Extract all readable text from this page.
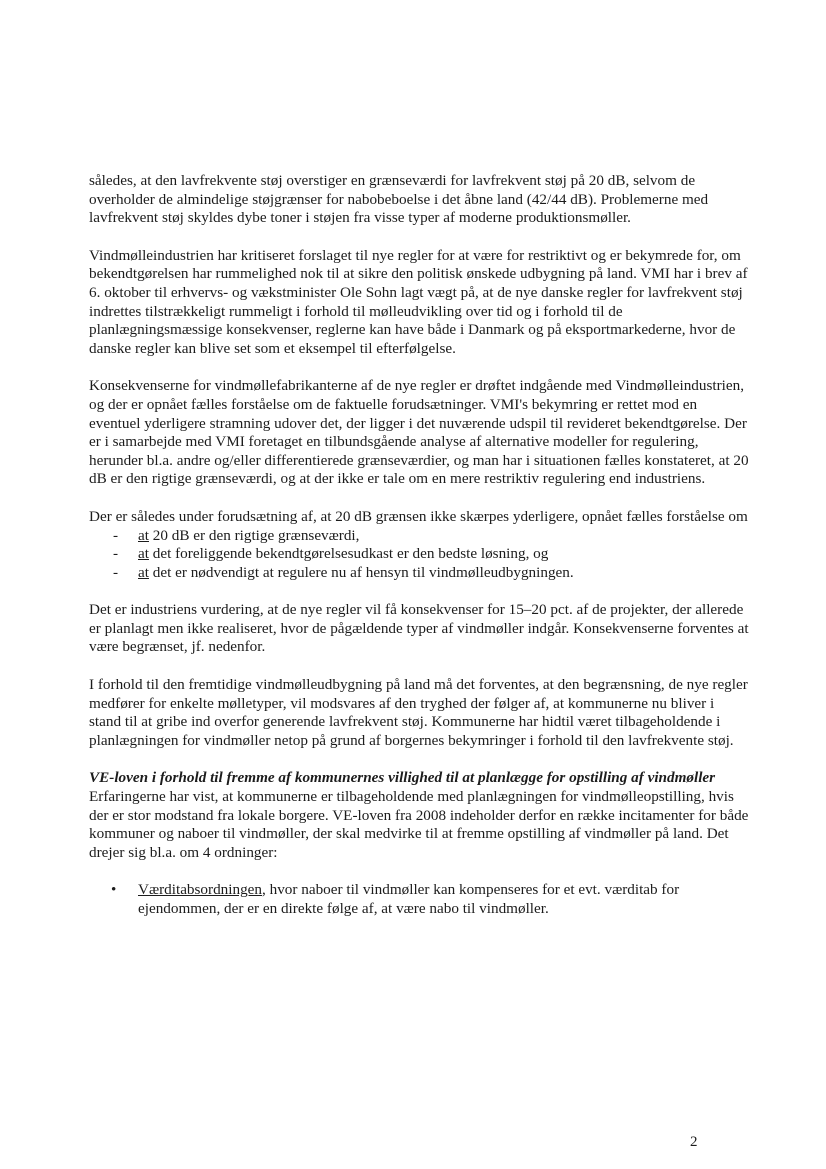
således, at den lavfrekvente støj overstiger en grænseværdi for lavfrekvent støj på 20 dB, selvom de overholder de almindelige støjgrænser for nabobeboelse i det åbne land (42/44 dB). Problemerne med lavfrekvent støj skyldes dybe toner i støjen fra visse typer af moderne produktionsmøller.

Vindmølleindustrien har kritiseret forslaget til nye regler for at være for restriktivt og er bekymrede for, om bekendtgørelsen har rummelighed nok til at sikre den politisk ønskede udbygning på land. VMI har i brev af 6. oktober til erhvervs- og vækstminister Ole Sohn lagt vægt på, at de nye danske regler for lavfrekvent støj indrettes tilstrækkeligt rummeligt i forhold til mølleudvikling over tid og i forhold til de planlægningsmæssige konsekvenser, reglerne kan have både i Danmark og på eksportmarkederne, hvor de danske regler kan blive set som et eksempel til efterfølgelse.

Konsekvenserne for vindmøllefabrikanterne af de nye regler er drøftet indgående med Vindmølleindustrien, og der er opnået fælles forståelse om de faktuelle forudsætninger. VMI's bekymring er rettet mod en eventuel yderligere stramning udover det, der ligger i det nuværende udspil til revideret bekendtgørelse. Der er i samarbejde med VMI foretaget en tilbundsgående analyse af alternative modeller for regulering, herunder bl.a. andre og/eller differentierede grænseværdier, og man har i situationen fælles konstateret, at 20 dB er den rigtige grænseværdi, og at der ikke er tale om en mere restriktiv regulering end industriens.

Der er således under forudsætning af, at 20 dB grænsen ikke skærpes yderligere, opnået fælles forståelse om

- at 20 dB er den rigtige grænseværdi,
- at det foreliggende bekendtgørelsesudkast er den bedste løsning, og
- at det er nødvendigt at regulere nu af hensyn til vindmølleudbygningen.

Det er industriens vurdering, at de nye regler vil få konsekvenser for 15–20 pct. af de projekter, der allerede er planlagt men ikke realiseret, hvor de pågældende typer af vindmøller indgår. Konsekvenserne forventes at være begrænset, jf. nedenfor.

I forhold til den fremtidige vindmølleudbygning på land må det forventes, at den begrænsning, de nye regler medfører for enkelte mølletyper, vil modsvares af den tryghed der følger af, at kommunerne nu bliver i stand til at gribe ind overfor generende lavfrekvent støj. Kommunerne har hidtil været tilbageholdende i planlægningen for vindmøller netop på grund af borgernes bekymringer i forhold til den lavfrekvente støj.

VE-loven i forhold til fremme af kommunernes villighed til at planlægge for opstilling af vindmøller

Erfaringerne har vist, at kommunerne er tilbageholdende med planlægningen for vindmølleopstilling, hvis der er stor modstand fra lokale borgere. VE-loven fra 2008 indeholder derfor en række incitamenter for både kommuner og naboer til vindmøller, der skal medvirke til at fremme opstilling af vindmøller på land. Det drejer sig bl.a. om 4 ordninger:

• Værditabsordningen, hvor naboer til vindmøller kan kompenseres for et evt. værditab for ejendommen, der er en direkte følge af, at være nabo til vindmøller.
2
